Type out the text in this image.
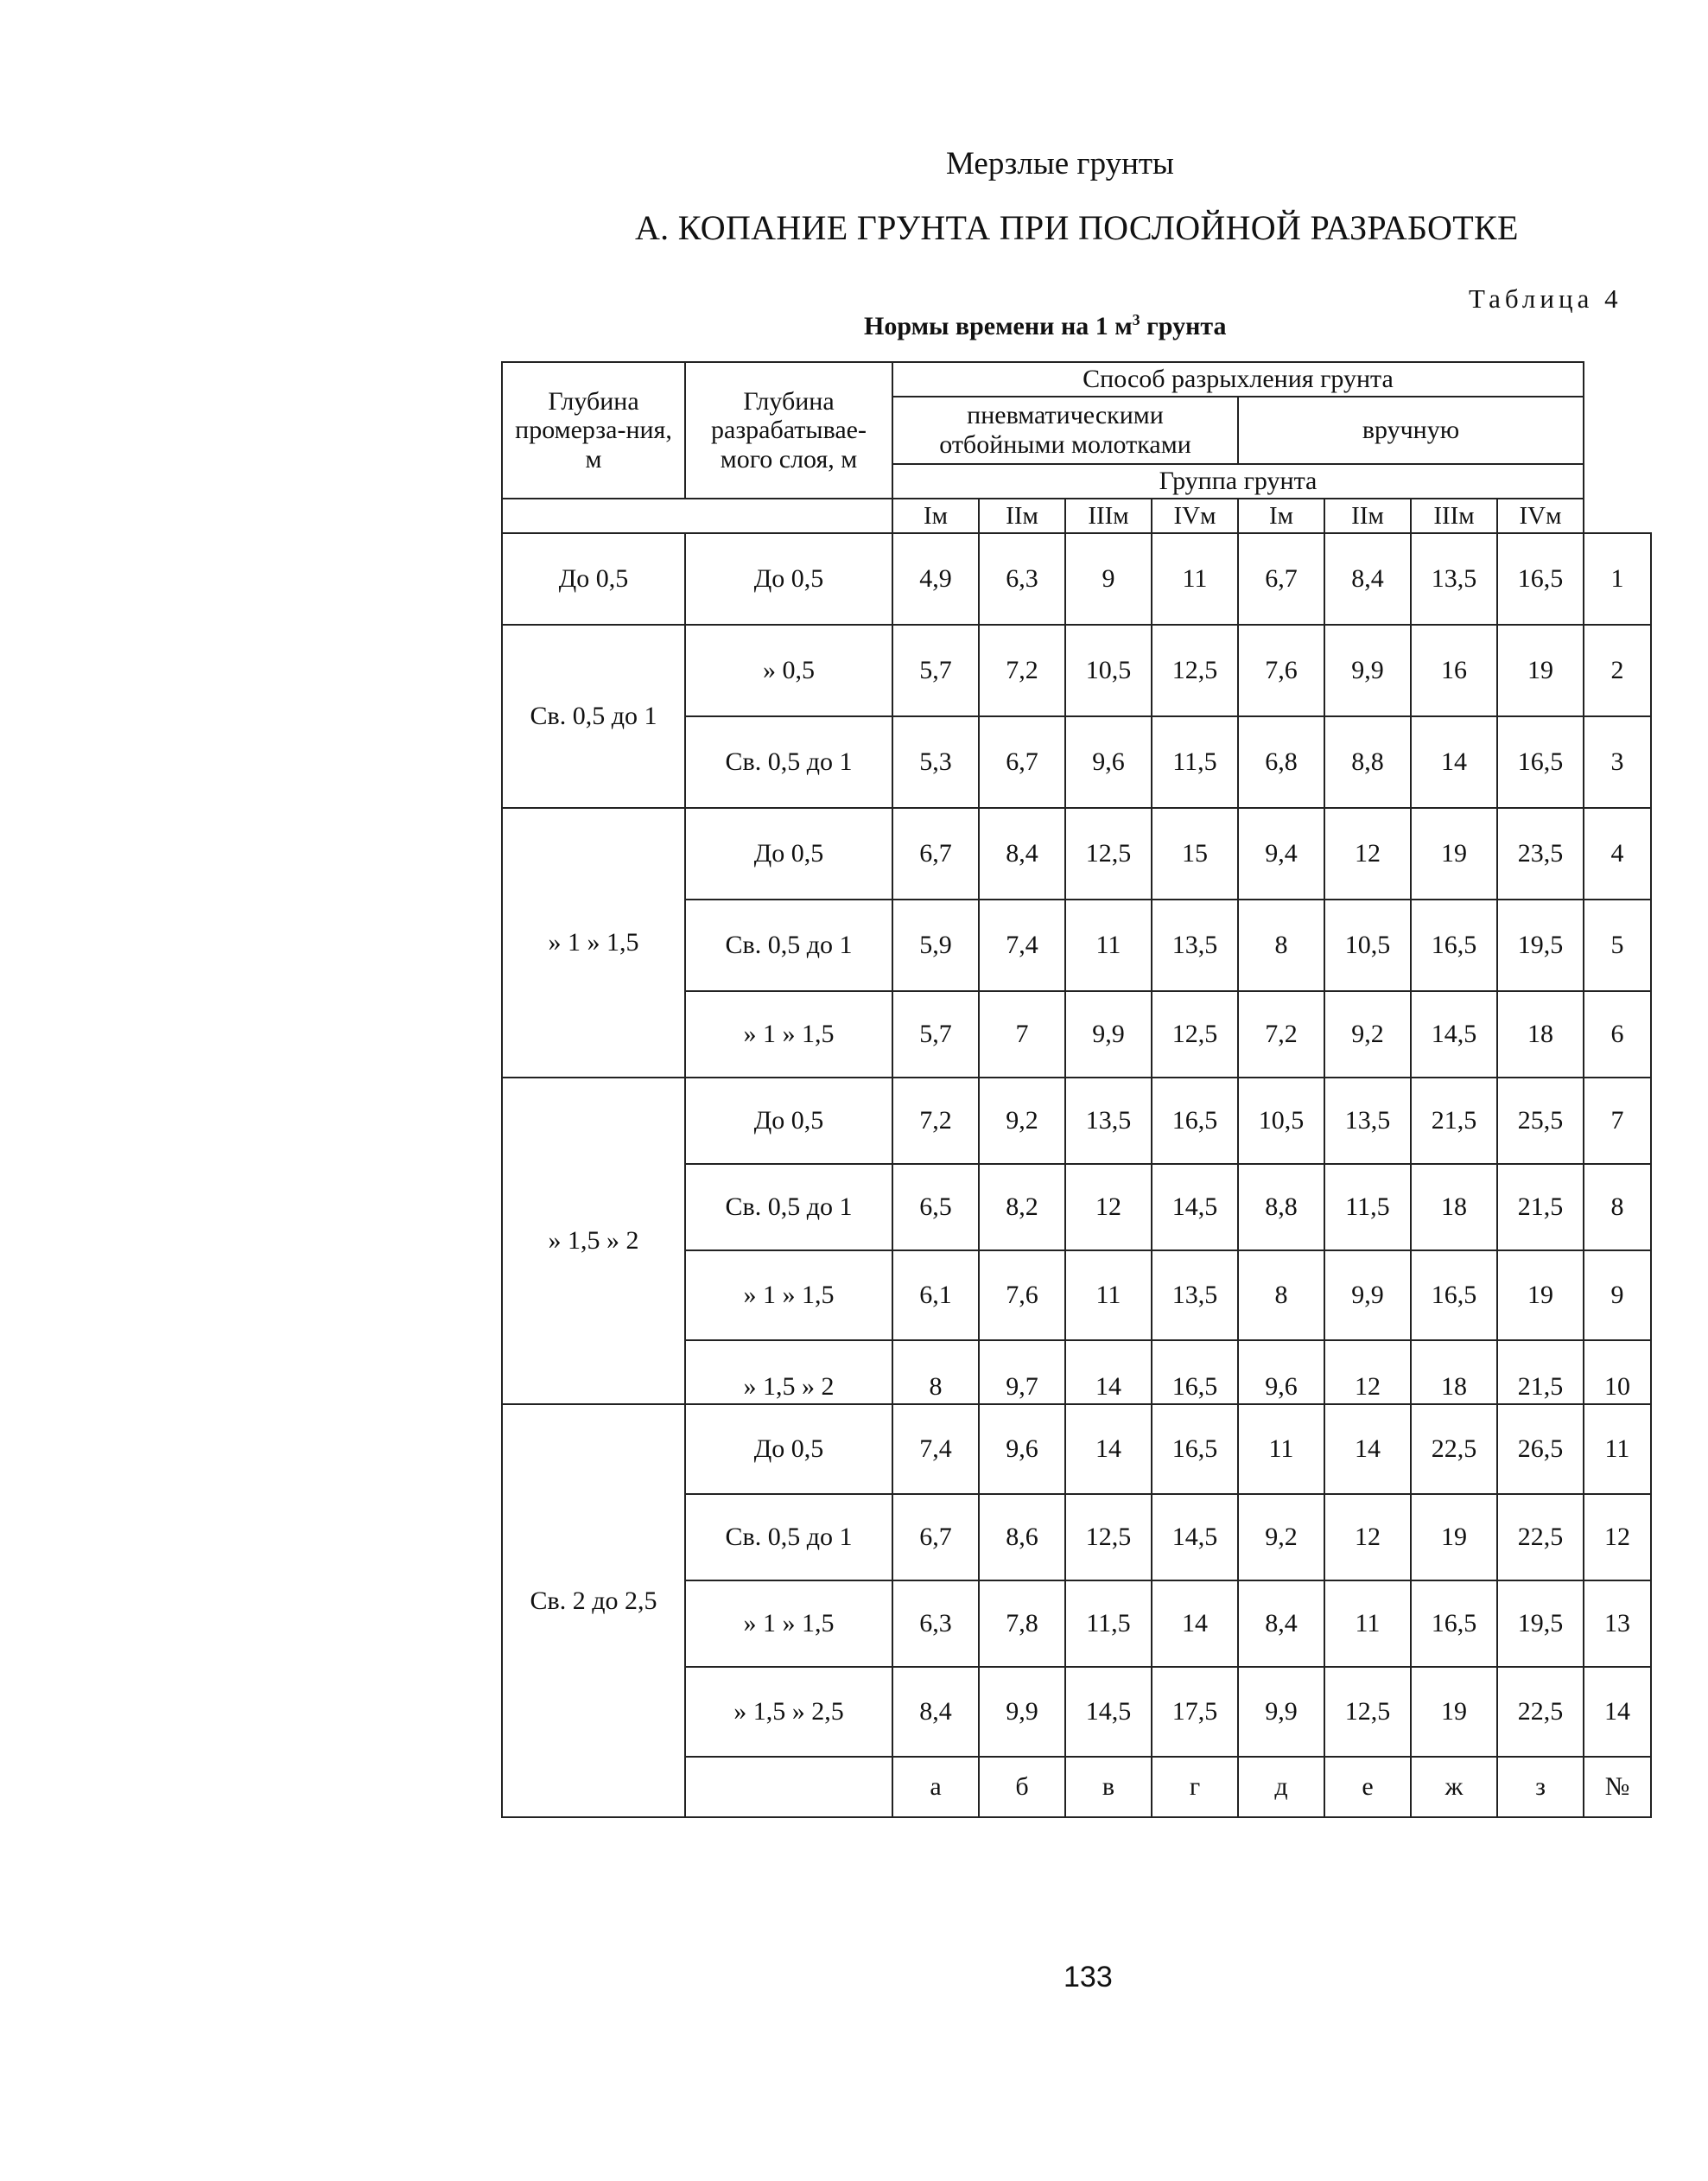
Мерзлые грунты
А. КОПАНИЕ ГРУНТА ПРИ ПОСЛОЙНОЙ РАЗРАБОТКЕ
Таблица 4
Нормы времени на 1 $м^3$ грунта
Глубина промерза-ния, м	Глубина разрабатывае-мого слоя, м	Способ разрыхления грунта								
		пневматическими отбойными молотками				вручную				

		Группа грунта								
		Iм	IIм	IIIм	IVм	Iм	IIм	IIIм	IVм	
До 0,5	До 0,5	4,9	6,3	9	11	6,7	8,4	13,5	16,5	1
Св. 0,5 до 1	» 0,5	5,7	7,2	10,5	12,5	7,6	9,9	16	19	2
	Св. 0,5 до 1	5,3	6,7	9,6	11,5	6,8	8,8	14	16,5	3
» 1 » 1,5	До 0,5	6,7	8,4	12,5	15	9,4	12	19	23,5	4
	Св. 0,5 до 1	5,9	7,4	11	13,5	8	10,5	16,5	19,5	5
	» 1 » 1,5	5,7	7	9,9	12,5	7,2	9,2	14,5	18	6
» 1,5 » 2	До 0,5	7,2	9,2	13,5	16,5	10,5	13,5	21,5	25,5	7
	Св. 0,5 до 1	6,5	8,2	12	14,5	8,8	11,5	18	21,5	8
	» 1 » 1,5	6,1	7,6	11	13,5	8	9,9	16,5	19	9
	» 1,5 » 2	8	9,7	14	16,5	9,6	12	18	21,5	10
Св. 2 до 2,5	До 0,5	7,4	9,6	14	16,5	11	14	22,5	26,5	11
	Св. 0,5 до 1	6,7	8,6	12,5	14,5	9,2	12	19	22,5	12
	» 1 » 1,5	6,3	7,8	11,5	14	8,4	11	16,5	19,5	13
	» 1,5 » 2,5	8,4	9,9	14,5	17,5	9,9	12,5	19	22,5	14
		а	б	в	г	д	е	ж	з	№
133
